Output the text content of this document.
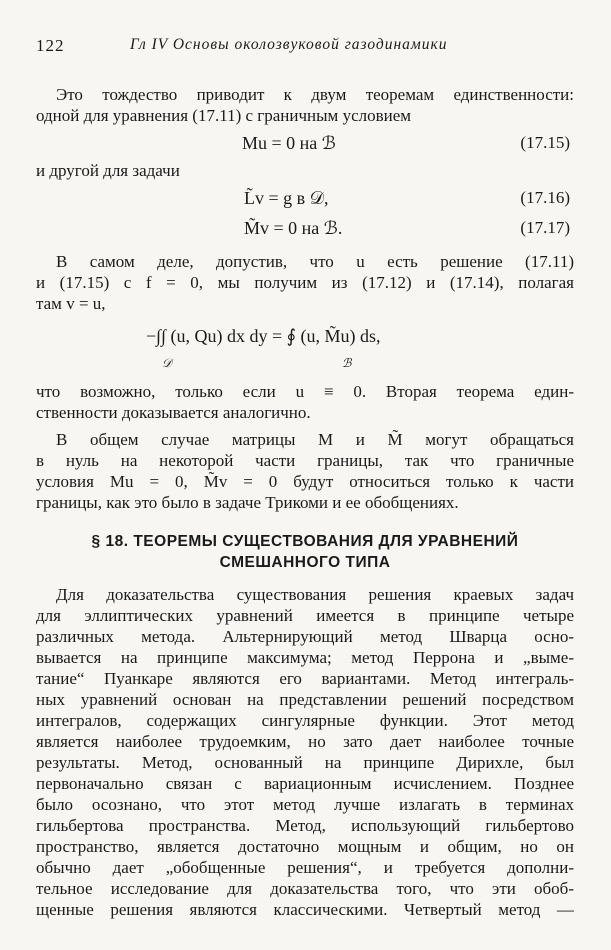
122	Гл IV Основы околозвуковой газодинамики
Это тождество приводит к двум теоремам единственности:
одной для уравнения (17.11) с граничным условием
Mu = 0 на ℬ	(17.15)
и другой для задачи
L̃v = g в 𝒟,	(17.16)
M̃v = 0 на ℬ.	(17.17)
В самом деле, допустив, что u есть решение (17.11)
и (17.15) с f = 0, мы получим из (17.12) и (17.14), полагая
там v = u,
−∫∫ (u, Qu) dx dy = ∮ (u, M̃u) ds,
𝒟	ℬ
что возможно, только если u ≡ 0. Вторая теорема един-
ственности доказывается аналогично.
В общем случае матрицы M и M̃ могут обращаться
в нуль на некоторой части границы, так что граничные
условия Mu = 0, M̃v = 0 будут относиться только к части
границы, как это было в задаче Трикоми и ее обобщениях.
§ 18. ТЕОРЕМЫ СУЩЕСТВОВАНИЯ ДЛЯ УРАВНЕНИЙ
СМЕШАННОГО ТИПА
Для доказательства существования решения краевых задач
для эллиптических уравнений имеется в принципе четыре
различных метода. Альтернирующий метод Шварца осно-
вывается на принципе максимума; метод Перрона и „выме-
тание“ Пуанкаре являются его вариантами. Метод интеграль-
ных уравнений основан на представлении решений посредством
интегралов, содержащих сингулярные функции. Этот метод
является наиболее трудоемким, но зато дает наиболее точные
результаты. Метод, основанный на принципе Дирихле, был
первоначально связан с вариационным исчислением. Позднее
было осознано, что этот метод лучше излагать в терминах
гильбертова пространства. Метод, использующий гильбертово
пространство, является достаточно мощным и общим, но он
обычно дает „обобщенные решения“, и требуется дополни-
тельное исследование для доказательства того, что эти обоб-
щенные решения являются классическими. Четвертый метод —
